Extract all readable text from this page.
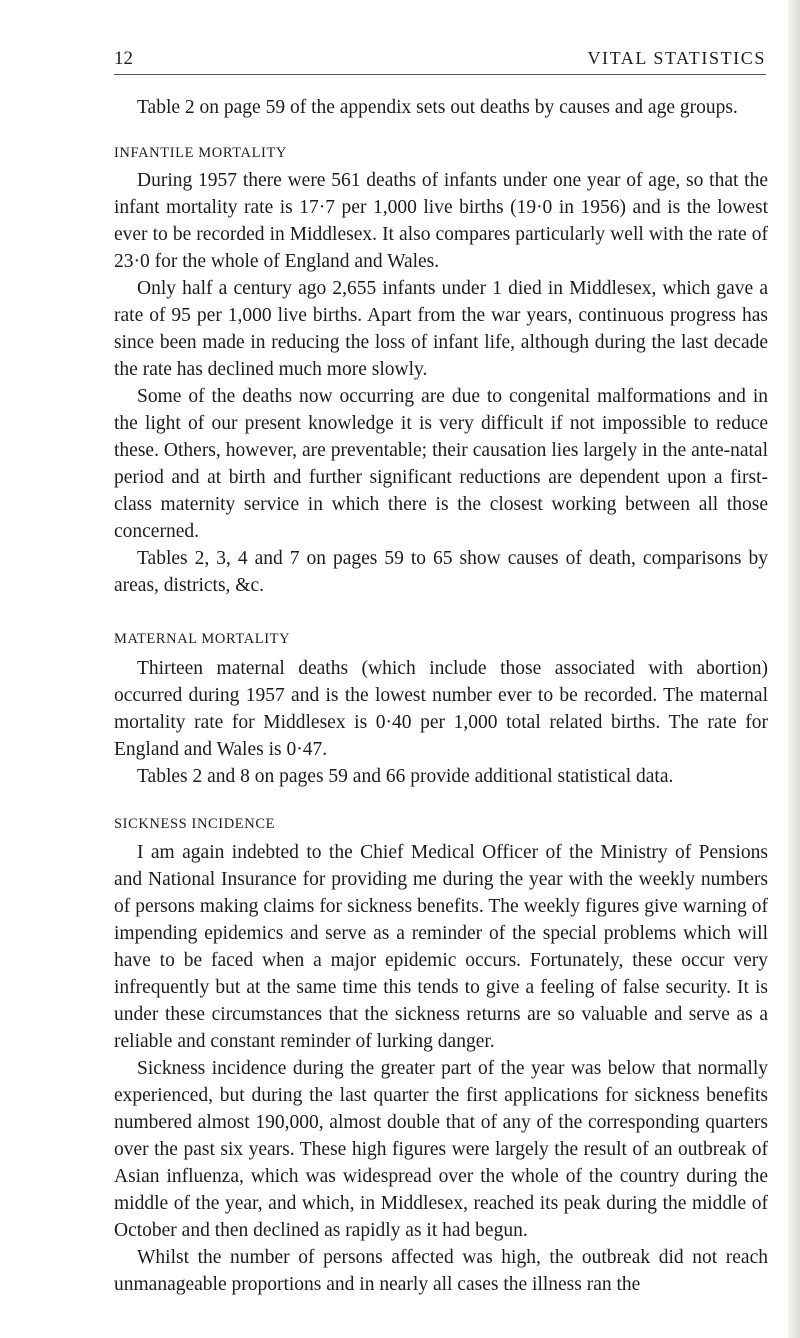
12	VITAL STATISTICS

Table 2 on page 59 of the appendix sets out deaths by causes and age groups.

INFANTILE MORTALITY

During 1957 there were 561 deaths of infants under one year of age, so that the infant mortality rate is 17·7 per 1,000 live births (19·0 in 1956) and is the lowest ever to be recorded in Middlesex. It also compares particularly well with the rate of 23·0 for the whole of England and Wales.

Only half a century ago 2,655 infants under 1 died in Middlesex, which gave a rate of 95 per 1,000 live births. Apart from the war years, continuous progress has since been made in reducing the loss of infant life, although during the last decade the rate has declined much more slowly.

Some of the deaths now occurring are due to congenital malformations and in the light of our present knowledge it is very difficult if not impossible to reduce these. Others, however, are preventable; their causation lies largely in the ante-natal period and at birth and further significant reductions are dependent upon a first-class maternity service in which there is the closest working between all those concerned.

Tables 2, 3, 4 and 7 on pages 59 to 65 show causes of death, comparisons by areas, districts, &c.

MATERNAL MORTALITY

Thirteen maternal deaths (which include those associated with abortion) occurred during 1957 and is the lowest number ever to be recorded. The maternal mortality rate for Middlesex is 0·40 per 1,000 total related births. The rate for England and Wales is 0·47.

Tables 2 and 8 on pages 59 and 66 provide additional statistical data.

SICKNESS INCIDENCE

I am again indebted to the Chief Medical Officer of the Ministry of Pensions and National Insurance for providing me during the year with the weekly numbers of persons making claims for sickness benefits. The weekly figures give warning of impending epidemics and serve as a reminder of the special problems which will have to be faced when a major epidemic occurs. Fortunately, these occur very infrequently but at the same time this tends to give a feeling of false security. It is under these circumstances that the sickness returns are so valuable and serve as a reliable and constant reminder of lurking danger.

Sickness incidence during the greater part of the year was below that normally experienced, but during the last quarter the first applications for sickness benefits numbered almost 190,000, almost double that of any of the corresponding quarters over the past six years. These high figures were largely the result of an outbreak of Asian influenza, which was widespread over the whole of the country during the middle of the year, and which, in Middlesex, reached its peak during the middle of October and then declined as rapidly as it had begun.

Whilst the number of persons affected was high, the outbreak did not reach unmanageable proportions and in nearly all cases the illness ran the
